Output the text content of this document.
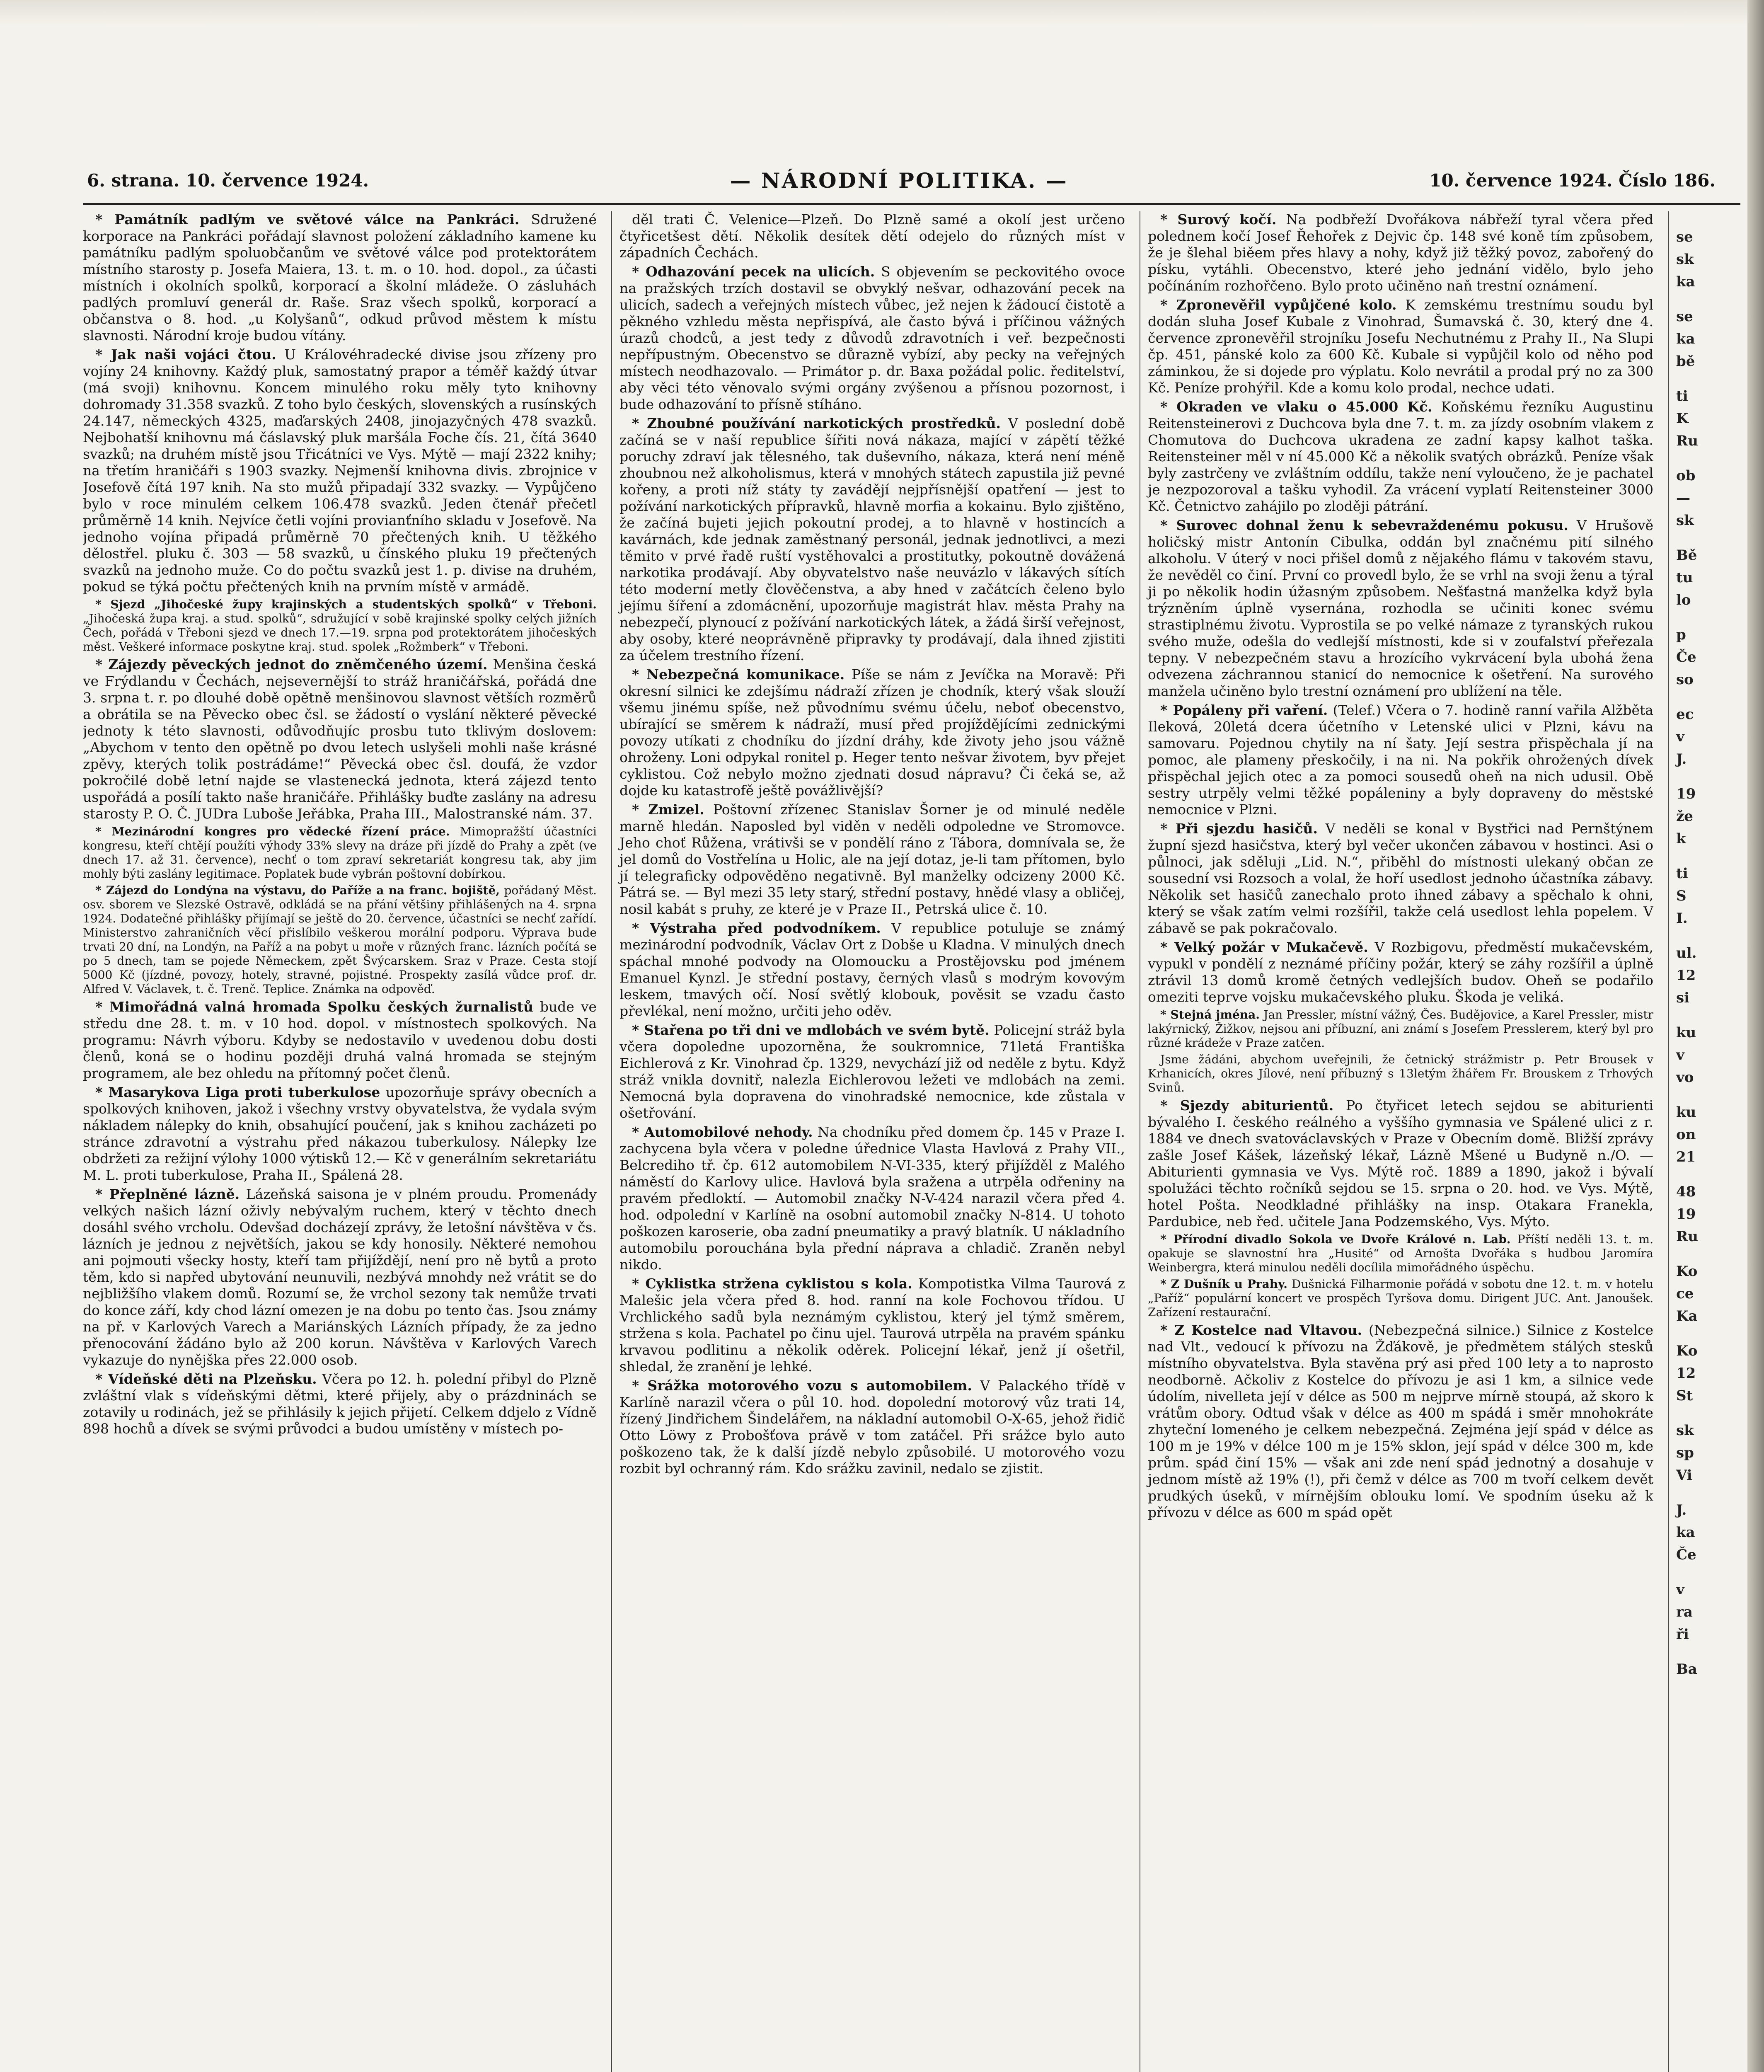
6. strana. 10. července 1924.	— NÁRODNÍ POLITIKA. —	10. července 1924. Číslo 186.

* Památník padlým ve světové válce na Pankráci. Sdružené korporace na Pankráci pořádají slavnost položení základního kamene ku památníku padlým spoluobčanům ve světové válce pod protektorátem místního starosty p. Josefa Maiera, 13. t. m. o 10. hod. dopol., za účasti místních i okolních spolků, korporací a školní mládeže. O zásluhách padlých promluví generál dr. Raše. Sraz všech spolků, korporací a občanstva o 8. hod. „u Kolyšanů“, odkud průvod městem k místu slavnosti. Národní kroje budou vítány.

* Jak naši vojáci čtou. U Královéhradecké divise jsou zřízeny pro vojíny 24 knihovny. Každý pluk, samostatný prapor a téměř každý útvar (má svoji) knihovnu. Koncem minulého roku měly tyto knihovny dohromady 31.358 svazků. Z toho bylo českých, slovenských a rusínských 24.147, německých 4325, maďarských 2408, jinojazyčných 478 svazků. Nejbohatší knihovnu má čáslavský pluk maršála Foche čís. 21, čítá 3640 svazků; na druhém místě jsou Třicátníci ve Vys. Mýtě — mají 2322 knihy; na třetím hraničáři s 1903 svazky. Nejmenší knihovna divis. zbrojnice v Josefově čítá 197 knih. Na sto mužů připadají 332 svazky. — Vypůjčeno bylo v roce minulém celkem 106.478 svazků. Jeden čtenář přečetl průměrně 14 knih. Nejvíce četli vojíni provianťního skladu v Josefově. Na jednoho vojína připadá průměrně 70 přečtených knih. U těžkého dělostřel. pluku č. 303 — 58 svazků, u čínského pluku 19 přečtených svazků na jednoho muže. Co do počtu svazků jest 1. p. divise na druhém, pokud se týká počtu přečtených knih na prvním místě v armádě.

* Sjezd „Jihočeské župy krajinských a studentských spolků“ v Třeboni. „Jihočeská župa kraj. a stud. spolků“, sdružující v sobě krajinské spolky celých jižních Čech, pořádá v Třeboni sjezd ve dnech 17.—19. srpna pod protektorátem jihočeských měst. Veškeré informace poskytne kraj. stud. spolek „Rožmberk“ v Třeboni.

* Zájezdy pěveckých jednot do zněmčeného území. Menšina česká ve Frýdlandu v Čechách, nejsevernější to stráž hraničářská, pořádá dne 3. srpna t. r. po dlouhé době opětně menšinovou slavnost větších rozměrů a obrátila se na Pěvecko obec čsl. se žádostí o vyslání některé pěvecké jednoty k této slavnosti, odůvodňujíc prosbu tuto tklivým doslovem: „Abychom v tento den opětně po dvou letech uslyšeli mohli naše krásné zpěvy, kterých tolik postrádáme!“ Pěvecká obec čsl. doufá, že vzdor pokročilé době letní najde se vlastenecká jednota, která zájezd tento uspořádá a posílí takto naše hraničáře. Přihlášky buďte zaslány na adresu starosty P. O. Č. JUDra Luboše Jeřábka, Praha III., Malostranské nám. 37.

* Mezinárodní kongres pro vědecké řízení práce. Mimopražští účastníci kongresu, kteří chtějí použíti výhody 33% slevy na dráze při jízdě do Prahy a zpět (ve dnech 17. až 31. července), nechť o tom zpraví sekretariát kongresu tak, aby jim mohly býti zaslány legitimace. Poplatek bude vybrán poštovní dobírkou.

* Zájezd do Londýna na výstavu, do Paříže a na franc. bojiště, pořádaný Měst. osv. sborem ve Slezské Ostravě, odkládá se na přání většiny přihlášených na 4. srpna 1924. Dodatečné přihlášky přijímají se ještě do 20. července, účastníci se nechť zařídí. Ministerstvo zahraničních věcí přislíbilo veškerou morální podporu. Výprava bude trvati 20 dní, na Londýn, na Paříž a na pobyt u moře v různých franc. lázních počítá se po 5 dnech, tam se pojede Německem, zpět Švýcarskem. Sraz v Praze. Cesta stojí 5000 Kč (jízdné, povozy, hotely, stravné, pojistné. Prospekty zasílá vůdce prof. dr. Alfred V. Václavek, t. č. Trenč. Teplice. Známka na odpověď.

* Mimořádná valná hromada Spolku českých žurnalistů bude ve středu dne 28. t. m. v 10 hod. dopol. v místnostech spolkových. Na programu: Návrh výboru. Kdyby se nedostavilo v uvedenou dobu dosti členů, koná se o hodinu později druhá valná hromada se stejným programem, ale bez ohledu na přítomný počet členů.

* Masarykova Liga proti tuberkulose upozorňuje správy obecních a spolkových knihoven, jakož i všechny vrstvy obyvatelstva, že vydala svým nákladem nálepky do knih, obsahující poučení, jak s knihou zacházeti po stránce zdravotní a výstrahu před nákazou tuberkulosy. Nálepky lze obdržeti za režijní výlohy 1000 výtisků 12.— Kč v generálním sekretariátu M. L. proti tuberkulose, Praha II., Spálená 28.

* Přeplněné lázně. Lázeňská saisona je v plném proudu. Promenády velkých našich lázní oživly nebývalým ruchem, který v těchto dnech dosáhl svého vrcholu. Odevšad docházejí zprávy, že letošní návštěva v čs. lázních je jednou z největších, jakou se kdy honosily. Některé nemohou ani pojmouti všecky hosty, kteří tam přijíždějí, není pro ně bytů a proto těm, kdo si napřed ubytování neunuvili, nezbývá mnohdy než vrátit se do nejbližšího vlakem domů. Rozumí se, že vrchol sezony tak nemůže trvati do konce září, kdy chod lázní omezen je na dobu po tento čas. Jsou známy na př. v Karlových Varech a Mariánských Lázních případy, že za jedno přenocování žádáno bylo až 200 korun. Návštěva v Karlových Varech vykazuje do nynějška přes 22.000 osob.

* Vídeňské děti na Plzeňsku. Včera po 12. h. polední přibyl do Plzně zvláštní vlak s vídeňskými dětmi, které přijely, aby o prázdninách se zotavily u rodinách, jež se přihlásily k jejich přijetí. Celkem ddjelo z Vídně 898 hochů a dívek se svými průvodci a budou umístěny v místech po-

děl trati Č. Velenice—Plzeň. Do Plzně samé a okolí jest určeno čtyřicetšest dětí. Několik desítek dětí odejelo do různých míst v západních Čechách.

* Odhazování pecek na ulicích. S objevením se peckovitého ovoce na pražských trzích dostavil se obvyklý nešvar, odhazování pecek na ulicích, sadech a veřejných místech vůbec, jež nejen k žádoucí čistotě a pěkného vzhledu města nepřispívá, ale často bývá i příčinou vážných úrazů chodců, a jest tedy z důvodů zdravotních i veř. bezpečnosti nepřípustným. Obecenstvo se důrazně vybízí, aby pecky na veřejných místech neodhazovalo. — Primátor p. dr. Baxa požádal polic. ředitelství, aby věci této věnovalo svými orgány zvýšenou a přísnou pozornost, i bude odhazování to přísně stíháno.

* Zhoubné používání narkotických prostředků. V poslední době začíná se v naší republice šířiti nová nákaza, mající v zápětí těžké poruchy zdraví jak tělesného, tak duševního, nákaza, která není méně zhoubnou než alkoholismus, která v mnohých státech zapustila již pevné kořeny, a proti níž státy ty zavádějí nejpřísnější opatření — jest to požívání narkotických přípravků, hlavně morfia a kokainu. Bylo zjištěno, že začíná bujeti jejich pokoutní prodej, a to hlavně v hostincích a kavárnách, kde jednak zaměstnaný personál, jednak jednotlivci, a mezi těmito v prvé řadě ruští vystěhovalci a prostitutky, pokoutně dovážená narkotika prodávají. Aby obyvatelstvo naše neuvázlo v lákavých sítích této moderní metly člověčenstva, a aby hned v začátcích čeleno bylo jejímu šíření a zdomácnění, upozorňuje magistrát hlav. města Prahy na nebezpečí, plynoucí z požívání narkotických látek, a žádá širší veřejnost, aby osoby, které neoprávněně připravky ty prodávají, dala ihned zjistiti za účelem trestního řízení.

* Nebezpečná komunikace. Píše se nám z Jevíčka na Moravě: Při okresní silnici ke zdejšímu nádraží zřízen je chodník, který však slouží všemu jinému spíše, než původnímu svému účelu, neboť obecenstvo, ubírající se směrem k nádraží, musí před projíždějícími zednickými povozy utíkati z chodníku do jízdní dráhy, kde životy jeho jsou vážně ohroženy. Loni odpykal ronitel p. Heger tento nešvar životem, byv přejet cyklistou. Což nebylo možno zjednati dosud nápravu? Či čeká se, až dojde ku katastrofě ještě povážlivější?

* Zmizel. Poštovní zřízenec Stanislav Šorner je od minulé neděle marně hledán. Naposled byl viděn v neděli odpoledne ve Stromovce. Jeho choť Růžena, vrátivši se v pondělí ráno z Tábora, domnívala se, že jel domů do Vostřelína u Holic, ale na její dotaz, je-li tam přítomen, bylo jí telegraficky odpověděno negativně. Byl manželky odcizeny 2000 Kč. Pátrá se. — Byl mezi 35 lety starý, střední postavy, hnědé vlasy a obličej, nosil kabát s pruhy, ze které je v Praze II., Petrská ulice č. 10.

* Výstraha před podvodníkem. V republice potuluje se známý mezinárodní podvodník, Václav Ort z Dobše u Kladna. V minulých dnech spáchal mnohé podvody na Olomoucku a Prostějovsku pod jménem Emanuel Kynzl. Je střední postavy, černých vlasů s modrým kovovým leskem, tmavých očí. Nosí světlý klobouk, pověsit se vzadu často převlékal, není možno, určiti jeho oděv.

* Stařena po tři dni ve mdlobách ve svém bytě. Policejní stráž byla včera dopoledne upozorněna, že soukromnice, 71letá Františka Eichlerová z Kr. Vinohrad čp. 1329, nevychází již od neděle z bytu. Když stráž vnikla dovnitř, nalezla Eichlerovou ležeti ve mdlobách na zemi. Nemocná byla dopravena do vinohradské nemocnice, kde zůstala v ošetřování.

* Automobilové nehody. Na chodníku před domem čp. 145 v Praze I. zachycena byla včera v poledne úřednice Vlasta Havlová z Prahy VII., Belcrediho tř. čp. 612 automobilem N-VI-335, který přijížděl z Malého náměstí do Karlovy ulice. Havlová byla sražena a utrpěla odřeniny na pravém předloktí. — Automobil značky N-V-424 narazil včera před 4. hod. odpolední v Karlíně na osobní automobil značky N-814. U tohoto poškozen karoserie, oba zadní pneumatiky a pravý blatník. U nákladního automobilu porouchána byla přední náprava a chladič. Zraněn nebyl nikdo.

* Cyklistka stržena cyklistou s kola. Kompotistka Vilma Taurová z Malešic jela včera před 8. hod. ranní na kole Fochovou třídou. U Vrchlického sadů byla neznámým cyklistou, který jel týmž směrem, stržena s kola. Pachatel po činu ujel. Taurová utrpěla na pravém spánku krvavou podlitinu a několik oděrek. Policejní lékař, jenž jí ošetřil, shledal, že zranění je lehké.

* Srážka motorového vozu s automobilem. V Palackého třídě v Karlíně narazil včera o půl 10. hod. dopolední motorový vůz trati 14, řízený Jindřichem Šindelářem, na nákladní automobil O-X-65, jehož řidič Otto Löwy z Probošťova právě v tom zatáčel. Při srážce bylo auto poškozeno tak, že k další jízdě nebylo způsobilé. U motorového vozu rozbit byl ochranný rám. Kdo srážku zavinil, nedalo se zjistit.

* Surový kočí. Na podbřeží Dvořákova nábřeží tyral včera před polednem kočí Josef Řehořek z Dejvic čp. 148 své koně tím způsobem, že je šlehal biěem přes hlavy a nohy, když již těžký povoz, zabořený do písku, vytáhli. Obecenstvo, které jeho jednání vidělo, bylo jeho počínáním rozhořčeno. Bylo proto učiněno naň trestní oznámení.

* Zpronevěřil vypůjčené kolo. K zemskému trestnímu soudu byl dodán sluha Josef Kubale z Vinohrad, Šumavská č. 30, který dne 4. července zpronevěřil strojníku Josefu Nechutnému z Prahy II., Na Slupi čp. 451, pánské kolo za 600 Kč. Kubale si vypůjčil kolo od něho pod záminkou, že si dojede pro výplatu. Kolo nevrátil a prodal prý no za 300 Kč. Peníze prohýřil. Kde a komu kolo prodal, nechce udati.

* Okraden ve vlaku o 45.000 Kč. Koňskému řezníku Augustinu Reitensteinerovi z Duchcova byla dne 7. t. m. za jízdy osobním vlakem z Chomutova do Duchcova ukradena ze zadní kapsy kalhot taška. Reitensteiner měl v ní 45.000 Kč a několik svatých obrázků. Peníze však byly zastrčeny ve zvláštním oddílu, takže není vyloučeno, že je pachatel je nezpozoroval a tašku vyhodil. Za vrácení vyplatí Reitensteiner 3000 Kč. Četnictvo zahájilo po zloději pátrání.

* Surovec dohnal ženu k sebevraždenému pokusu. V Hrušově holičský mistr Antonín Cibulka, oddán byl značnému pití silného alkoholu. V úterý v noci přišel domů z nějakého flámu v takovém stavu, že nevěděl co činí. První co provedl bylo, že se vrhl na svoji ženu a týral ji po několik hodin úžasným způsobem. Nešťastná manželka když byla trýzněním úplně vysernána, rozhodla se učiniti konec svému strastiplnému životu. Vyprostila se po velké námaze z tyranských rukou svého muže, odešla do vedlejší místnosti, kde si v zoufalství přeřezala tepny. V nebezpečném stavu a hrozícího vykrvácení byla ubohá žena odvezena záchrannou stanicí do nemocnice k ošetření. Na surového manžela učiněno bylo trestní oznámení pro ublížení na těle.

* Popáleny při vaření. (Telef.) Včera o 7. hodině ranní vařila Alžběta Ileková, 20letá dcera účetního v Letenské ulici v Plzni, kávu na samovaru. Pojednou chytily na ní šaty. Její sestra přispěchala jí na pomoc, ale plameny přeskočily, i na ni. Na pokřik ohrožených dívek přispěchal jejich otec a za pomoci sousedů oheň na nich udusil. Obě sestry utrpěly velmi těžké popáleniny a byly dopraveny do městské nemocnice v Plzni.

* Při sjezdu hasičů. V neděli se konal v Bystřici nad Pernštýnem župní sjezd hasičstva, který byl večer ukončen zábavou v hostinci. Asi o půlnoci, jak sděluji „Lid. N.“, přiběhl do místnosti ulekaný občan ze sousední vsi Rozsoch a volal, že hoří usedlost jednoho účastníka zábavy. Několik set hasičů zanechalo proto ihned zábavy a spěchalo k ohni, který se však zatím velmi rozšířil, takže celá usedlost lehla popelem. V zábavě se pak pokračovalo.

* Velký požár v Mukačevě. V Rozbigovu, předměstí mukačevském, vypukl v pondělí z neznámé příčiny požár, který se záhy rozšířil a úplně ztrávil 13 domů kromě četných vedlejších budov. Oheň se podařilo omeziti teprve vojsku mukačevského pluku. Škoda je veliká.

* Stejná jména. Jan Pressler, místní vážný, Čes. Budějovice, a Karel Pressler, mistr lakýrnický, Žižkov, nejsou ani příbuzní, ani známí s Josefem Presslerem, který byl pro různé krádeže v Praze zatčen.

Jsme žádáni, abychom uveřejnili, že četnický strážmistr p. Petr Brousek v Krhanicích, okres Jílové, není příbuzný s 13letým žhářem Fr. Brouskem z Trhových Svinů.

* Sjezdy abiturientů. Po čtyřicet letech sejdou se abiturienti bývalého I. českého reálného a vyššího gymnasia ve Spálené ulici z r. 1884 ve dnech svatováclavských v Praze v Obecním domě. Bližší zprávy zašle Josef Kášek, lázeňský lékař, Lázně Mšené u Budyně n./O. — Abiturienti gymnasia ve Vys. Mýtě roč. 1889 a 1890, jakož i bývalí spolužáci těchto ročníků sejdou se 15. srpna o 20. hod. ve Vys. Mýtě, hotel Pošta. Neodkladné přihlášky na insp. Otakara Franekla, Pardubice, neb řed. učitele Jana Podzemského, Vys. Mýto.

* Přírodní divadlo Sokola ve Dvoře Králové n. Lab. Příští neděli 13. t. m. opakuje se slavnostní hra „Husité“ od Arnošta Dvořáka s hudbou Jaromíra Weinbergra, která minulou neděli docílila mimořádného úspěchu.

* Z Dušník u Prahy. Dušnická Filharmonie pořádá v sobotu dne 12. t. m. v hotelu „Paříž“ populární koncert ve prospěch Tyršova domu. Dirigent JUC. Ant. Janoušek. Zařízení restaurační.

* Z Kostelce nad Vltavou. (Nebezpečná silnice.) Silnice z Kostelce nad Vlt., vedoucí k přívozu na Žďákově, je předmětem stálých stesků místního obyvatelstva. Byla stavěna prý asi před 100 lety a to naprosto neodborně. Ačkoliv z Kostelce do přívozu je asi 1 km, a silnice vede údolím, nivelleta její v délce as 500 m nejprve mírně stoupá, až skoro k vrátům obory. Odtud však v délce as 400 m spádá i směr mnohokráte zhyteční lomeného je celkem nebezpečná. Zejména její spád v délce as 100 m je 19% v délce 100 m je 15% sklon, její spád v délce 300 m, kde prům. spád činí 15% — však ani zde není spád jednotný a dosahuje v jednom místě až 19% (!), při čemž v délce as 700 m tvoří celkem devět prudkých úseků, v mírnějším oblouku lomí. Ve spodním úseku až k přívozu v délce as 600 m spád opět

se
sk
ka
se
ka
bě
ti
K
Ru
ob
—
sk
Bě
tu
lo
p
Če
so
ec
v
J.
19
že
k
ti
S
I.
ul.
12
si
ku
v
vo
ku
on
21
48
19
Ru
Ko
ce
Ka
Ko
12
St
sk
sp
Vi
J.
ka
Če
v
ra
ři
Ba
